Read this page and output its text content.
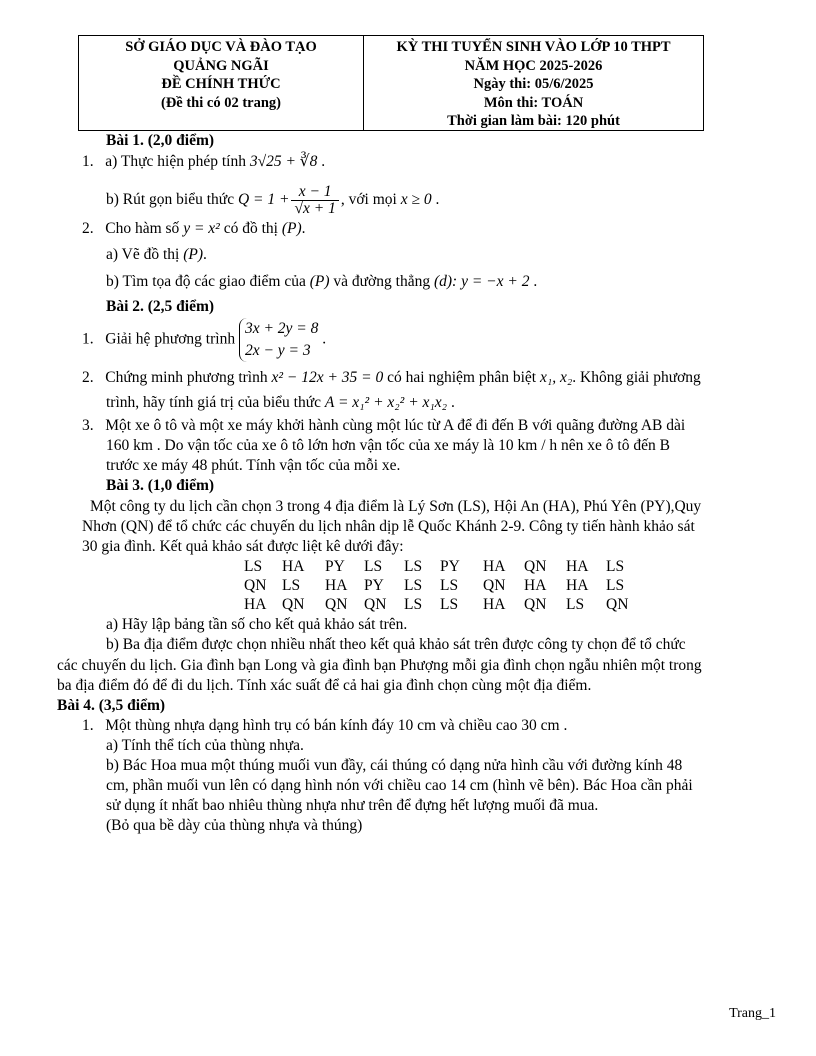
SỞ GIÁO DỤC VÀ ĐÀO TẠO
QUẢNG NGÃI
ĐỀ CHÍNH THỨC
(Đề thi có 02 trang)
KỲ THI TUYỂN SINH VÀO LỚP 10 THPT
NĂM HỌC 2025-2026
Ngày thi: 05/6/2025
Môn thi: TOÁN
Thời gian làm bài: 120 phút
Bài 1. (2,0 điểm)
1.   a) Thực hiện phép tính 3√25 + ∛8 .
b) Rút gọn biểu thức $Q = 1 + \frac{x - 1}{√x + 1}$ , với mọi x ≥ 0 .
2.   Cho hàm số y = x² có đồ thị (P).
a) Vẽ đồ thị (P).
b) Tìm tọa độ các giao điểm của (P) và đường thẳng (d): y = −x + 2 .
Bài 2. (2,5 điểm)
1.   Giải hệ phương trình
3x + 2y = 8
2x − y = 3
.
2.   Chứng minh phương trình x² − 12x + 35 = 0 có hai nghiệm phân biệt x₁, x₂. Không giải phương
trình, hãy tính giá trị của biểu thức A = x₁² + x₂² + x₁x₂ .
3.   Một xe ô tô và một xe máy khởi hành cùng một lúc từ A để đi đến B với quãng đường AB dài
160 km . Do vận tốc của xe ô tô lớn hơn vận tốc của xe máy là 10 km / h nên xe ô tô đến B
trước xe máy 48 phút. Tính vận tốc của mỗi xe.
Bài 3. (1,0 điểm)
Một công ty du lịch cần chọn 3 trong 4 địa điểm là Lý Sơn (LS), Hội An (HA), Phú Yên (PY),Quy
Nhơn (QN) để tổ chức các chuyến du lịch nhân dịp lễ Quốc Khánh 2-9. Công ty tiến hành khảo sát
30 gia đình. Kết quả khảo sát được liệt kê dưới đây:
LS HA PY LS LS PY HA QN HA LS
QN LS HA PY LS LS QN HA HA LS
HA QN QN QN LS LS HA QN LS QN
a) Hãy lập bảng tần số cho kết quả khảo sát trên.
b) Ba địa điểm được chọn nhiều nhất theo kết quả khảo sát trên được công ty chọn để tổ chức
các chuyến du lịch. Gia đình bạn Long và gia đình bạn Phượng mỗi gia đình chọn ngẫu nhiên một trong
ba địa điểm đó để đi du lịch. Tính xác suất để cả hai gia đình chọn cùng một địa điểm.
Bài 4. (3,5 điểm)
1.   Một thùng nhựa dạng hình trụ có bán kính đáy 10 cm và chiều cao 30 cm .
a) Tính thể tích của thùng nhựa.
b) Bác Hoa mua một thúng muối vun đầy, cái thúng có dạng nửa hình cầu với đường kính 48
cm, phần muối vun lên có dạng hình nón với chiều cao 14 cm (hình vẽ bên). Bác Hoa cần phải
sử dụng ít nhất bao nhiêu thùng nhựa như trên để đựng hết lượng muối đã mua.
(Bỏ qua bề dày của thùng nhựa và thúng)
Trang_1
